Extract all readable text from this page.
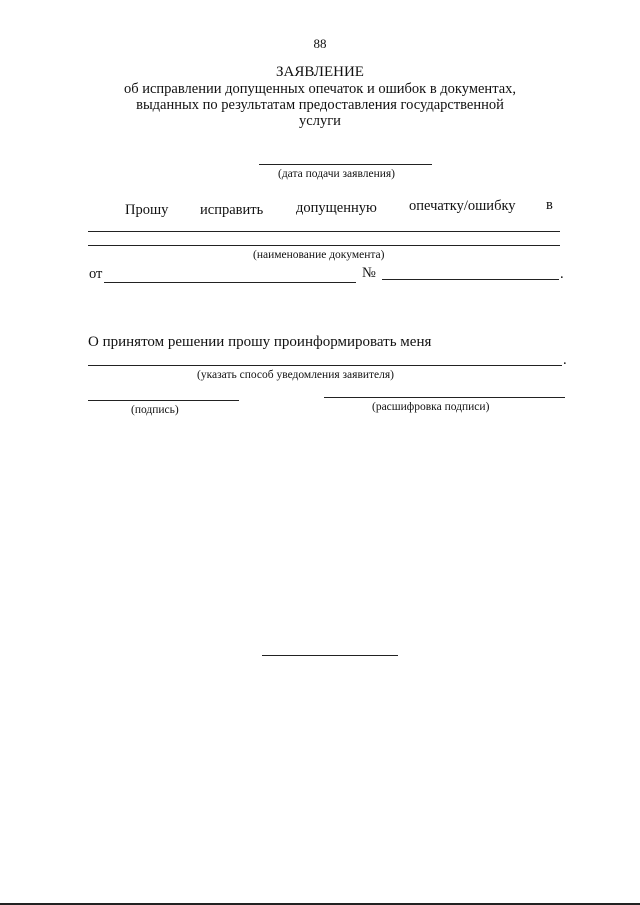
88
ЗАЯВЛЕНИЕ
об исправлении допущенных опечаток и ошибок в документах,
выданных по результатам предоставления государственной
услуги
(дата подачи заявления)
Прошу исправить допущенную опечатку/ошибку в
(наименование документа)
от	№	.
О принятом решении прошу проинформировать меня
.
(указать способ уведомления заявителя)
(подпись)	(расшифровка подписи)
